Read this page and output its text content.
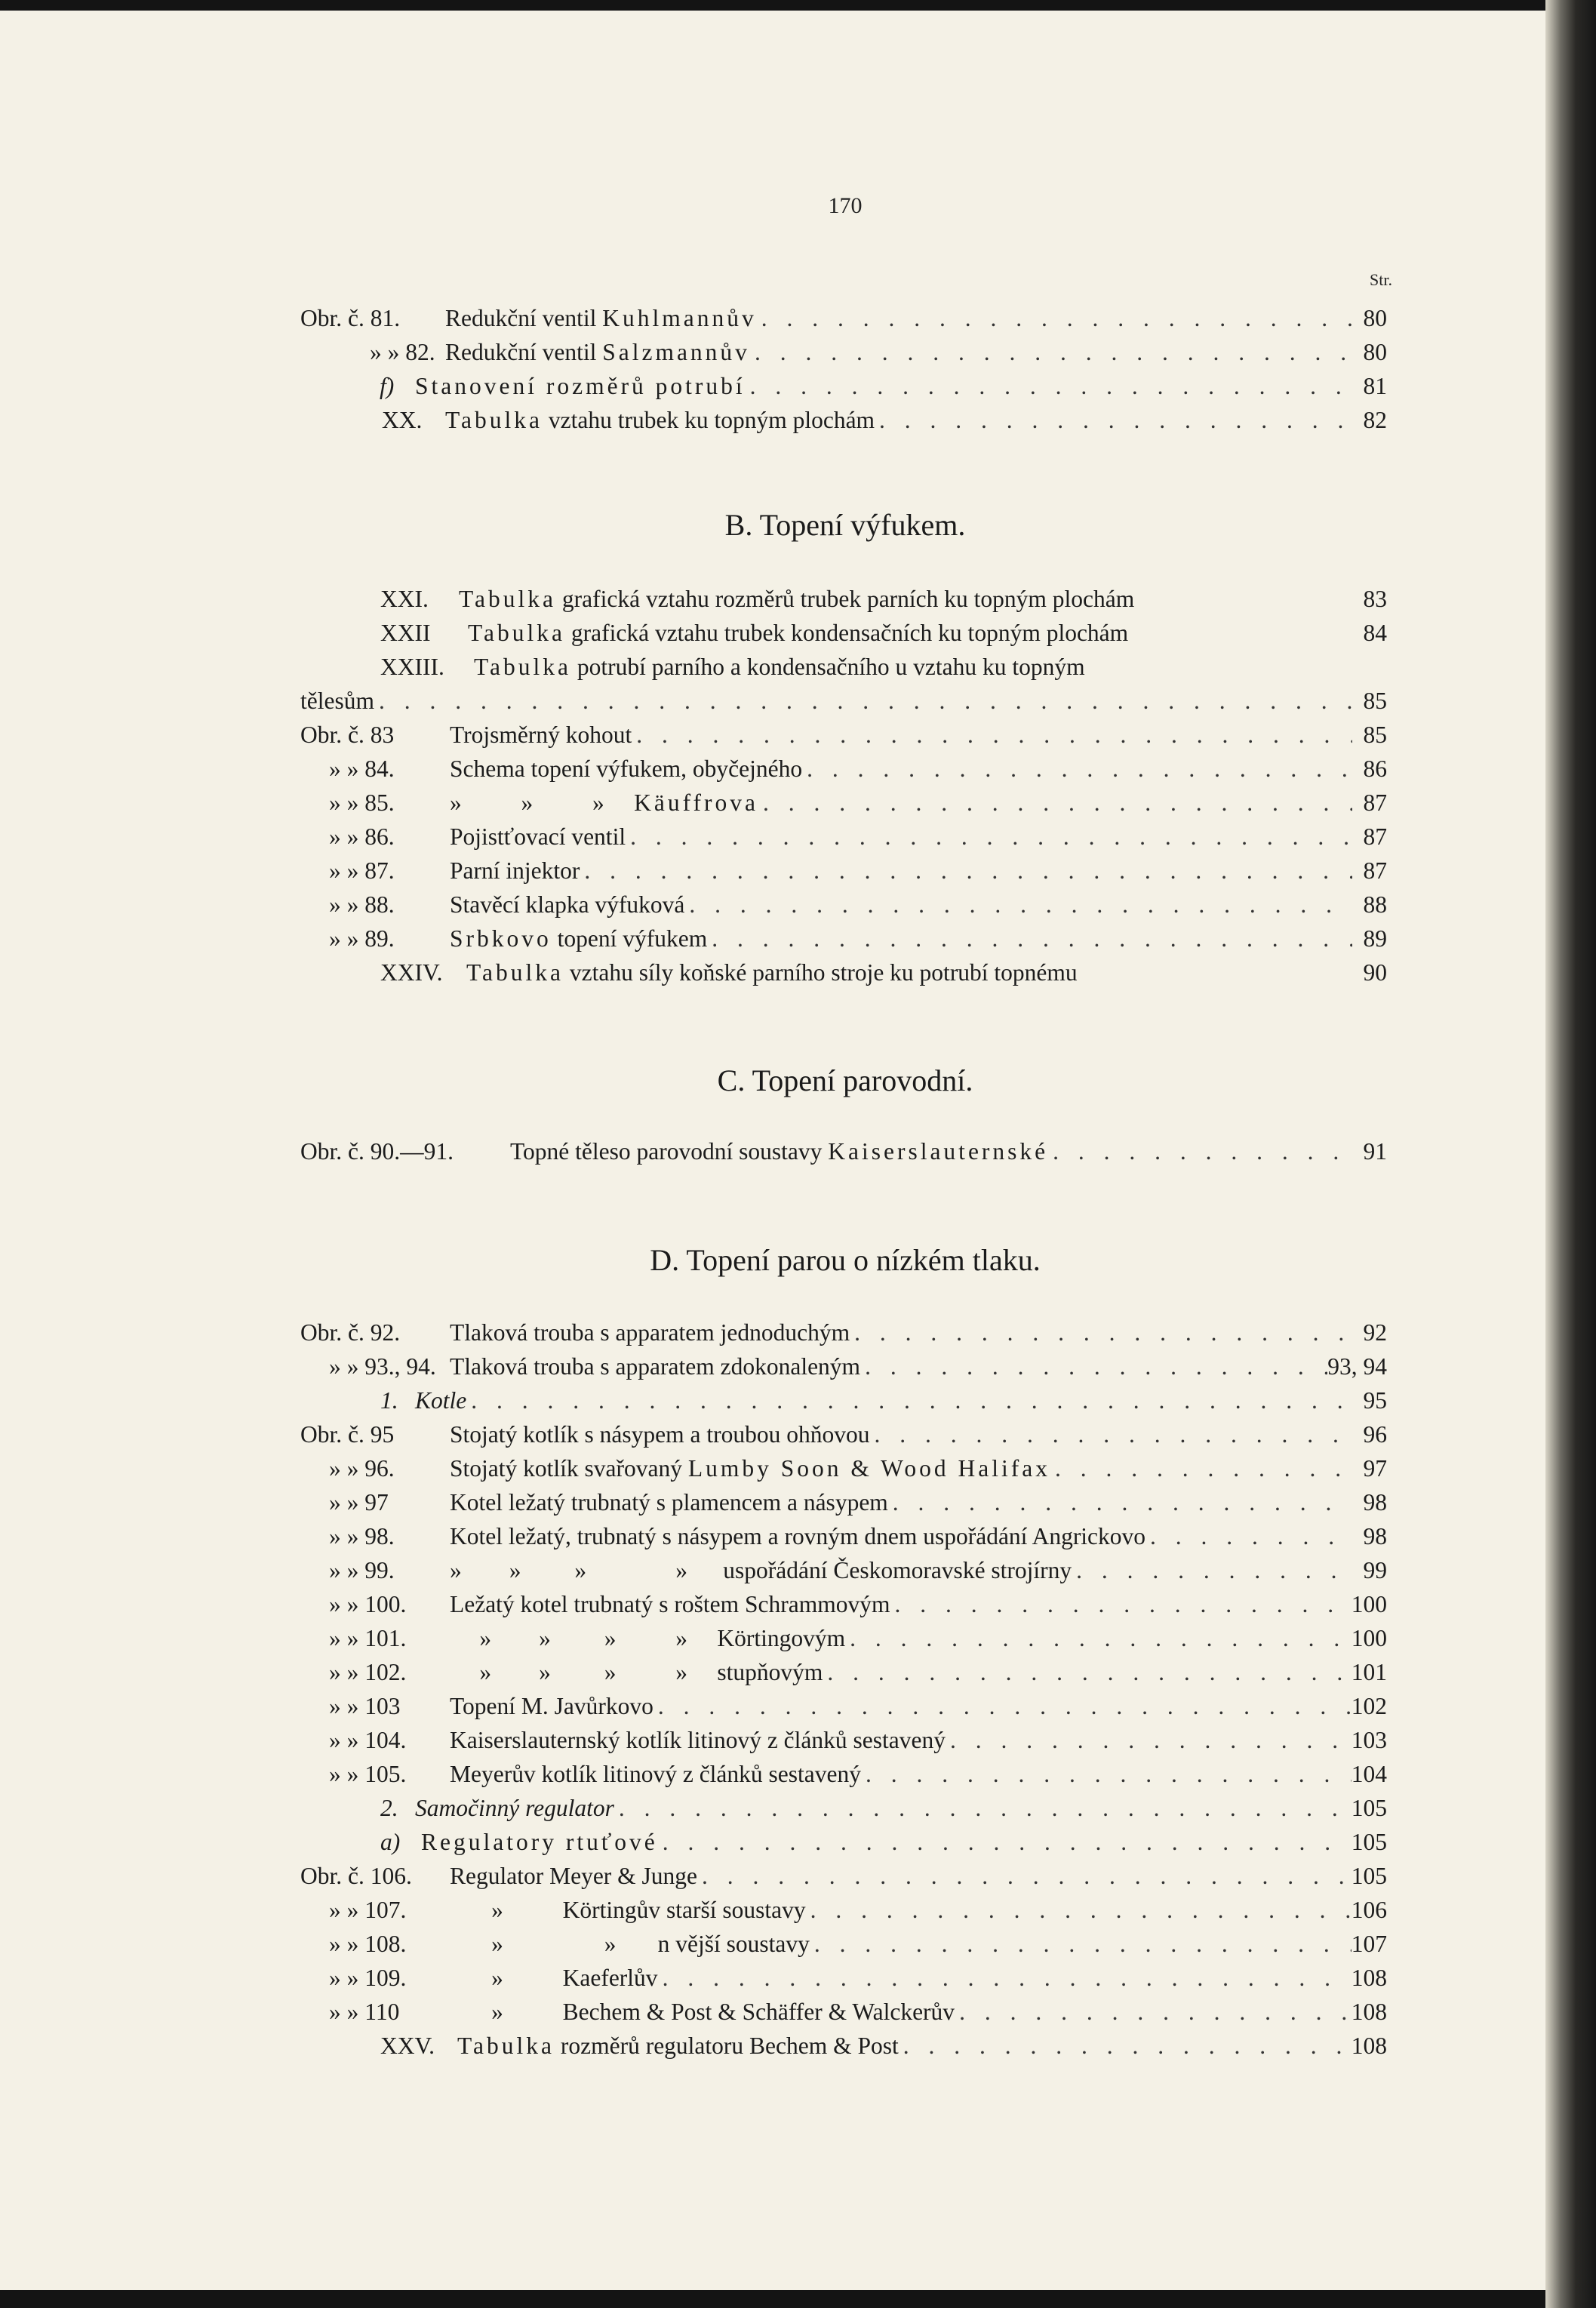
170
Str.
Obr. č. 81. Redukční ventil Kuhlmannův . . .	80
» » 82. Redukční ventil Salzmannův . . .	80
f) Stanovení rozměrů potrubí . . .	81
XX. Tabulka vztahu trubek ku topným plochám . . .	82
B. Topení výfukem.
XXI.	Tabulka grafická vztahu rozměrů trubek parních ku topným plochám	83
XXII	Tabulka grafická vztahu trubek kondensačních ku topným plochám	84
XXIII.	Tabulka potrubí parního a kondensačního u vztahu ku topným
tělesům . . .	85
Obr. č. 83	Trojsměrný kohout . . .	85
» » 84.	Schema topení výfukem, obyčejného . . .	86
» » 85.	»          »          »     Käuffrova . . .	87
» » 86.	Pojistťovací ventil . . .	87
» » 87.	Parní injektor . . .	87
» » 88.	Stavěcí klapka výfuková . . .	88
» » 89.	Srbkovo topení výfukem . . .	89
XXIV. Tabulka vztahu síly koňské parního stroje ku potrubí topnému	90
C. Topení parovodní.
Obr. č. 90.—91.	Topné těleso parovodní soustavy Kaiserslauternské . . .	91
D. Topení parou o nízkém tlaku.
Obr. č. 92.	Tlaková trouba s apparatem jednoduchým . . .	92
» » 93., 94. Tlaková trouba s apparatem zdokonaleným . . .	93, 94
1. Kotle . . .	95
Obr. č. 95	Stojatý kotlík s násypem a troubou ohňovou . . .	96
» » 96.	Stojatý kotlík svařovaný Lumby Soon & Wood Halifax . . .	97
» » 97	Kotel ležatý trubnatý s plamencem a násypem . . .	98
» » 98.	Kotel ležatý, trubnatý s násypem a rovným dnem uspořádání Angrickovo . . .	98
» » 99.	»        »         »               »      uspořádání Českomoravské strojírny . . .	99
» » 100.	Ležatý kotel trubnatý s roštem Schrammovým . . .	100
» » 101.	»        »         »          »     Körtingovým . . .	100
» » 102.	»        »         »          »     stupňovým . . .	101
» » 103	Topení M. Javůrkovo . . .	102
» » 104.	Kaiserslauternský kotlík litinový z článků sestavený . . .	103
» » 105.	Meyerův kotlík litinový z článků sestavený . . .	104
2. Samočinný regulator . . .	105
a) Regulatory rtuťové . . .	105
Obr. č. 106.	Regulator Meyer & Junge . . .	105
» » 107.	»          Körtingův starší soustavy . . .	106
» » 108.	»                 »       n vější soustavy . . .	107
» » 109.	»          Kaeferlův . . .	108
» » 110	»          Bechem & Post & Schäffer & Walckerův . . .	108
XXV. Tabulka rozměrů regulatoru Bechem & Post . . .	108
